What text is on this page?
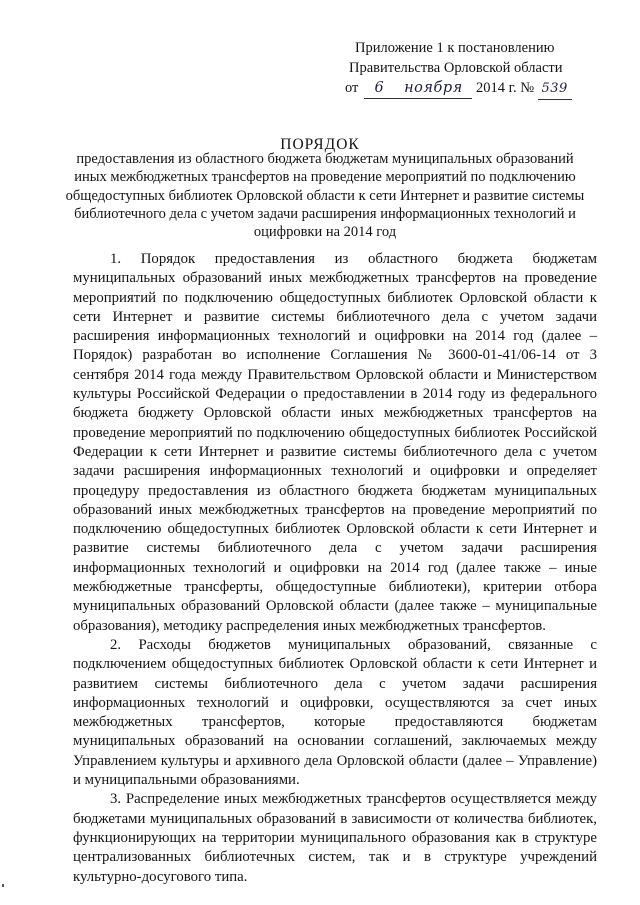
Приложение 1 к постановлению
Правительства Орловской области
от 6 ноября 2014 г. № 539
ПОРЯДОК
предоставления из областного бюджета бюджетам муниципальных образований иных межбюджетных трансфертов на проведение мероприятий по подключению общедоступных библиотек Орловской области к сети Интернет и развитие системы библиотечного дела с учетом задачи расширения информационных технологий и оцифровки на 2014 год

1. Порядок предоставления из областного бюджета бюджетам муниципальных образований иных межбюджетных трансфертов на проведение мероприятий по подключению общедоступных библиотек Орловской области к сети Интернет и развитие системы библиотечного дела с учетом задачи расширения информационных технологий и оцифровки на 2014 год (далее – Порядок) разработан во исполнение Соглашения № 3600-01-41/06-14 от 3 сентября 2014 года между Правительством Орловской области и Министерством культуры Российской Федерации о предоставлении в 2014 году из федерального бюджета бюджету Орловской области иных межбюджетных трансфертов на проведение мероприятий по подключению общедоступных библиотек Российской Федерации к сети Интернет и развитие системы библиотечного дела с учетом задачи расширения информационных технологий и оцифровки и определяет процедуру предоставления из областного бюджета бюджетам муниципальных образований иных межбюджетных трансфертов на проведение мероприятий по подключению общедоступных библиотек Орловской области к сети Интернет и развитие системы библиотечного дела с учетом задачи расширения информационных технологий и оцифровки на 2014 год (далее также – иные межбюджетные трансферты, общедоступные библиотеки), критерии отбора муниципальных образований Орловской области (далее также – муниципальные образования), методику распределения иных межбюджетных трансфертов.

2. Расходы бюджетов муниципальных образований, связанные с подключением общедоступных библиотек Орловской области к сети Интернет и развитием системы библиотечного дела с учетом задачи расширения информационных технологий и оцифровки, осуществляются за счет иных межбюджетных трансфертов, которые предоставляются бюджетам муниципальных образований на основании соглашений, заключаемых между Управлением культуры и архивного дела Орловской области (далее – Управление) и муниципальными образованиями.

3. Распределение иных межбюджетных трансфертов осуществляется между бюджетами муниципальных образований в зависимости от количества библиотек, функционирующих на территории муниципального образования как в структуре централизованных библиотечных систем, так и в структуре учреждений культурно-досугового типа.
